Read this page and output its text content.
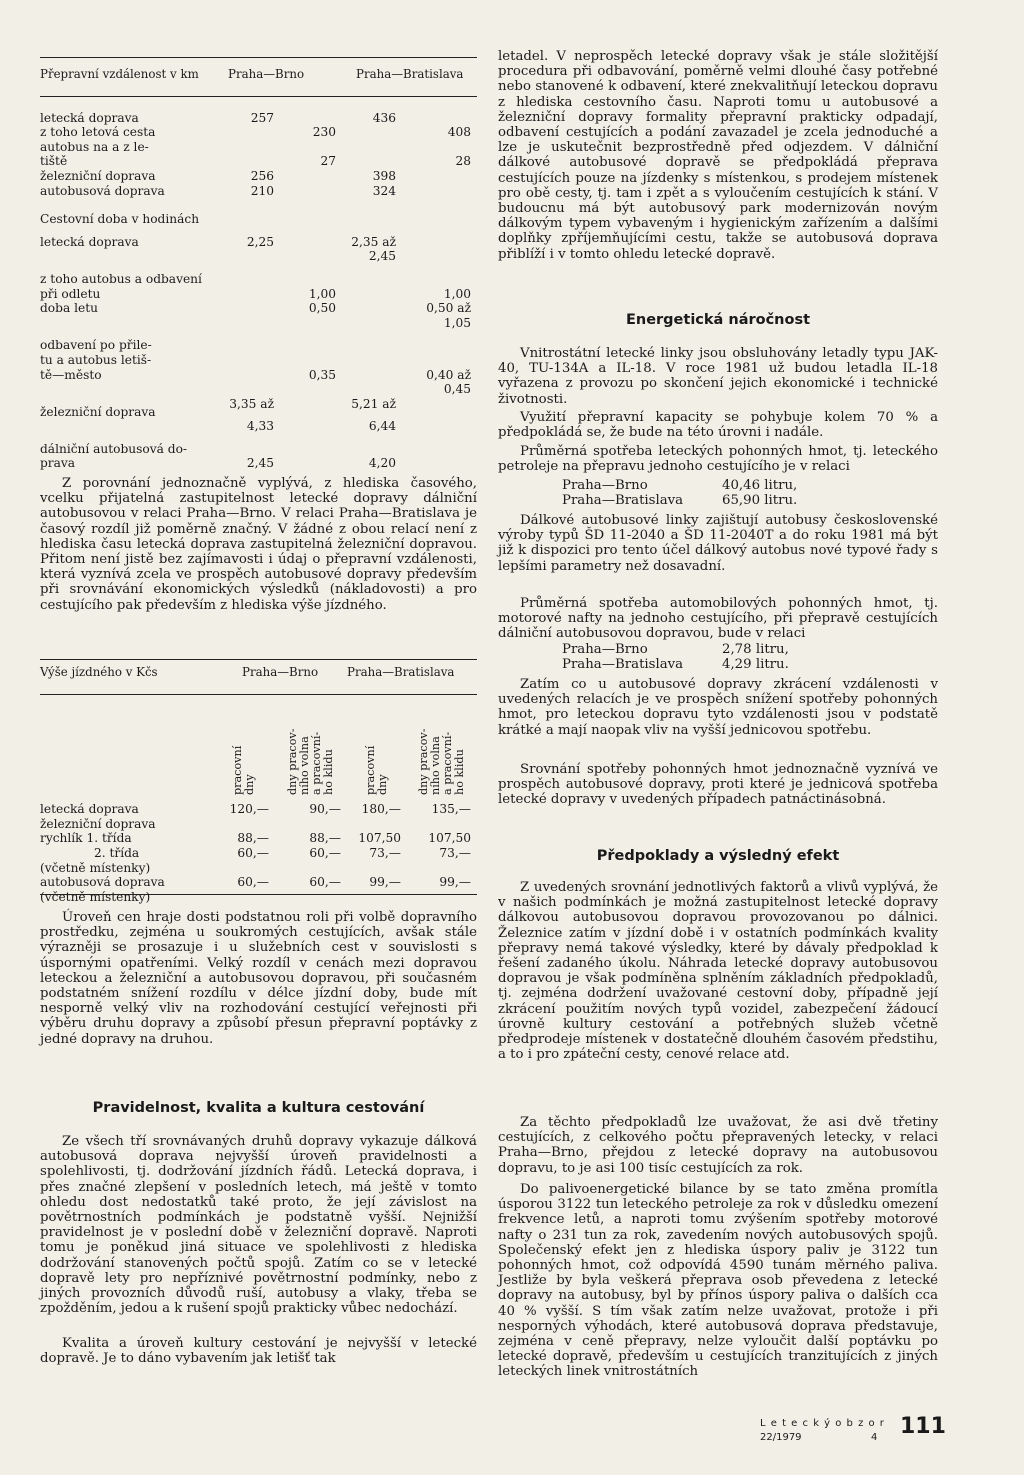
Přepravní vzdálenost v km	Praha—Brno		Praha—Bratislava	

letecká doprava	257		436	
z toho letová cesta		230		408
autobus na a z le-				
tiště		27		28
železniční doprava	256		398	
autobusová doprava	210		324	

Cestovní doba v hodinách				

letecká doprava	2,25		2,35 až	
			2,45	
z toho autobus a odbavení				
při odletu		1,00		1,00
doba letu		0,50		0,50 až
				1,05
odbavení po přile-				
tu a autobus letiš-				
tě—město		0,35		0,40 až
				0,45
železniční doprava	3,35 až		5,21 až	
	4,33		6,44	
dálniční autobusová do-				
prava	2,45		4,20	

Z porovnání jednoznačně vyplývá, z hlediska časového, vcelku přijatelná zastupitelnost letecké dopravy dálniční autobusovou v relaci Praha—Brno. V relaci Praha—Bratislava je časový rozdíl již poměrně značný. V žádné z obou relací není z hlediska času letecká doprava zastupitelná železniční dopravou. Přitom není jistě bez zajímavosti i údaj o přepravní vzdálenosti, která vyznívá zcela ve prospěch autobusové dopravy především při srovnávání ekonomických výsledků (nákladovosti) a pro cestujícího pak především z hlediska výše jízdného.

Výše jízdného v Kčs	Praha—Brno		Praha—Bratislava	

	pracovní
dny	dny pracov-
ního volna
a pracovní-
ho klidu	pracovní
dny	dny pracov-
ního volna
a pracovní-
ho klidu

letecká doprava	120,—	90,—	180,—	135,—
železniční doprava				
rychlík 1. třída	88,—	88,—	107,50	107,50
2. třída	60,—	60,—	73,—	73,—
(včetně místenky)				
autobusová doprava	60,—	60,—	99,—	99,—
(včetně místenky)				

Úroveň cen hraje dosti podstatnou roli při volbě dopravního prostředku, zejména u soukromých cestujících, avšak stále výrazněji se prosazuje i u služebních cest v souvislosti s úspornými opatřeními. Velký rozdíl v cenách mezi dopravou leteckou a železniční a autobusovou dopravou, při současném podstatném snížení rozdílu v délce jízdní doby, bude mít nesporně velký vliv na rozhodování cestující veřejnosti při výběru druhu dopravy a způsobí přesun přepravní poptávky z jedné dopravy na druhou.

Pravidelnost, kvalita a kultura cestování

Ze všech tří srovnávaných druhů dopravy vykazuje dálková autobusová doprava nejvyšší úroveň pravidelnosti a spolehlivosti, tj. dodržování jízdních řádů. Letecká doprava, i přes značné zlepšení v posledních letech, má ještě v tomto ohledu dost nedostatků také proto, že její závislost na povětrnostních podmínkách je podstatně vyšší. Nejnižší pravidelnost je v poslední době v železniční dopravě. Naproti tomu je poněkud jiná situace ve spolehlivosti z hlediska dodržování stanovených počtů spojů. Zatím co se v letecké dopravě lety pro nepříznivé povětrnostní podmínky, nebo z jiných provozních důvodů ruší, autobusy a vlaky, třeba se zpožděním, jedou a k rušení spojů prakticky vůbec nedochází.

Kvalita a úroveň kultury cestování je nejvyšší v letecké dopravě. Je to dáno vybavením jak letišť tak

letadel. V neprospěch letecké dopravy však je stále složitější procedura při odbavování, poměrně velmi dlouhé časy potřebné nebo stanovené k odbavení, které znekvalitňují leteckou dopravu z hlediska cestovního času. Naproti tomu u autobusové a železniční dopravy formality přepravní prakticky odpadají, odbavení cestujících a podání zavazadel je zcela jednoduché a lze je uskutečnit bezprostředně před odjezdem. V dálniční dálkové autobusové dopravě se předpokládá přeprava cestujících pouze na jízdenky s místenkou, s prodejem místenek pro obě cesty, tj. tam i zpět a s vyloučením cestujících k stání. V budoucnu má být autobusový park modernizován novým dálkovým typem vybaveným i hygienickým zařízením a dalšími doplňky zpříjemňujícími cestu, takže se autobusová doprava přiblíží i v tomto ohledu letecké dopravě.

Energetická náročnost

Vnitrostátní letecké linky jsou obsluhovány letadly typu JAK-40, TU-134A a IL-18. V roce 1981 už budou letadla IL-18 vyřazena z provozu po skončení jejich ekonomické i technické životnosti.

Využití přepravní kapacity se pohybuje kolem 70 % a předpokládá se, že bude na této úrovni i nadále.

Průměrná spotřeba leteckých pohonných hmot, tj. leteckého petroleje na přepravu jednoho cestujícího je v relaci

Praha—Brno	40,46 litru,
Praha—Bratislava	65,90 litru.

Dálkové autobusové linky zajištují autobusy československé výroby typů ŠD 11-2040 a ŠD 11-2040T a do roku 1981 má být již k dispozici pro tento účel dálkový autobus nové typové řady s lepšími parametry než dosavadní.

Průměrná spotřeba automobilových pohonných hmot, tj. motorové nafty na jednoho cestujícího, při přepravě cestujících dálniční autobusovou dopravou, bude v relaci

Praha—Brno	2,78 litru,
Praha—Bratislava	4,29 litru.

Zatím co u autobusové dopravy zkrácení vzdálenosti v uvedených relacích je ve prospěch snížení spotřeby pohonných hmot, pro leteckou dopravu tyto vzdálenosti jsou v podstatě krátké a mají naopak vliv na vyšší jednicovou spotřebu.

Srovnání spotřeby pohonných hmot jednoznačně vyznívá ve prospěch autobusové dopravy, proti které je jednicová spotřeba letecké dopravy v uvedených případech patnáctinásobná.

Předpoklady a výsledný efekt

Z uvedených srovnání jednotlivých faktorů a vlivů vyplývá, že v našich podmínkách je možná zastupitelnost letecké dopravy dálkovou autobusovou dopravou provozovanou po dálnici. Železnice zatím v jízdní době i v ostatních podmínkách kvality přepravy nemá takové výsledky, které by dávaly předpoklad k řešení zadaného úkolu. Náhrada letecké dopravy autobusovou dopravou je však podmíněna splněním základních předpokladů, tj. zejména dodržení uvažované cestovní doby, případně její zkrácení použitím nových typů vozidel, zabezpečení žádoucí úrovně kultury cestování a potřebných služeb včetně předprodeje místenek v dostatečně dlouhém časovém předstihu, a to i pro zpáteční cesty, cenové relace atd.

Za těchto předpokladů lze uvažovat, že asi dvě třetiny cestujících, z celkového počtu přepravených letecky, v relaci Praha—Brno, přejdou z letecké dopravy na autobusovou dopravu, to je asi 100 tisíc cestujících za rok.

Do palivoenergetické bilance by se tato změna promítla úsporou 3122 tun leteckého petroleje za rok v důsledku omezení frekvence letů, a naproti tomu zvýšením spotřeby motorové nafty o 231 tun za rok, zavedením nových autobusových spojů. Společenský efekt jen z hlediska úspory paliv je 3122 tun pohonných hmot, což odpovídá 4590 tunám měrného paliva. Jestliže by byla veškerá přeprava osob převedena z letecké dopravy na autobusy, byl by přínos úspory paliva o dalších cca 40 % vyšší. S tím však zatím nelze uvažovat, protože i při nesporných výhodách, které autobusová doprava představuje, zejména v ceně přepravy, nelze vyloučit další poptávku po letecké dopravě, především u cestujících tranzitujících z jiných leteckých linek vnitrostátních

L e t e c k ý o b z o r
22/1979	4 111
